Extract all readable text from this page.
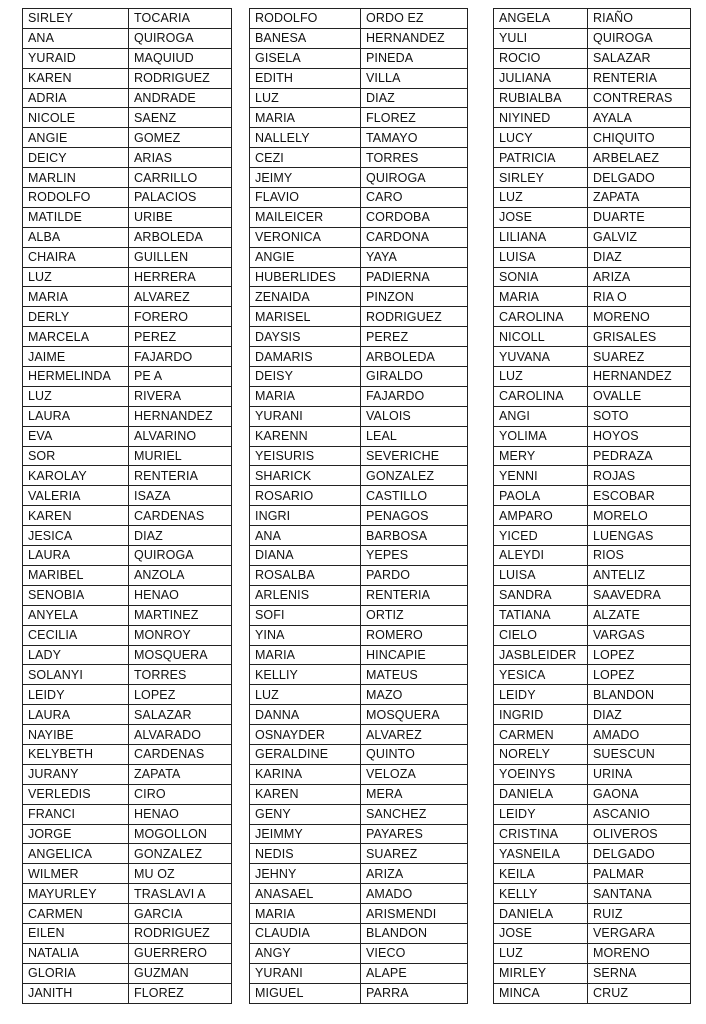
SIRLEY	TOCARIA
ANA	QUIROGA
YURAID	MAQUIUD
KAREN	RODRIGUEZ
ADRIA	ANDRADE
NICOLE	SAENZ
ANGIE	GOMEZ
DEICY	ARIAS
MARLIN	CARRILLO
RODOLFO	PALACIOS
MATILDE	URIBE
ALBA	ARBOLEDA
CHAIRA	GUILLEN
LUZ	HERRERA
MARIA	ALVAREZ
DERLY	FORERO
MARCELA	PEREZ
JAIME	FAJARDO
HERMELINDA	PE A
LUZ	RIVERA
LAURA	HERNANDEZ
EVA	ALVARINO
SOR	MURIEL
KAROLAY	RENTERIA
VALERIA	ISAZA
KAREN	CARDENAS
JESICA	DIAZ
LAURA	QUIROGA
MARIBEL	ANZOLA
SENOBIA	HENAO
ANYELA	MARTINEZ
CECILIA	MONROY
LADY	MOSQUERA
SOLANYI	TORRES
LEIDY	LOPEZ
LAURA	SALAZAR
NAYIBE	ALVARADO
KELYBETH	CARDENAS
JURANY	ZAPATA
VERLEDIS	CIRO
FRANCI	HENAO
JORGE	MOGOLLON
ANGELICA	GONZALEZ
WILMER	MU OZ
MAYURLEY	TRASLAVI A
CARMEN	GARCIA
EILEN	RODRIGUEZ
NATALIA	GUERRERO
GLORIA	GUZMAN
JANITH	FLOREZ
RODOLFO	ORDO EZ
BANESA	HERNANDEZ
GISELA	PINEDA
EDITH	VILLA
LUZ	DIAZ
MARIA	FLOREZ
NALLELY	TAMAYO
CEZI	TORRES
JEIMY	QUIROGA
FLAVIO	CARO
MAILEICER	CORDOBA
VERONICA	CARDONA
ANGIE	YAYA
HUBERLIDES	PADIERNA
ZENAIDA	PINZON
MARISEL	RODRIGUEZ
DAYSIS	PEREZ
DAMARIS	ARBOLEDA
DEISY	GIRALDO
MARIA	FAJARDO
YURANI	VALOIS
KARENN	LEAL
YEISURIS	SEVERICHE
SHARICK	GONZALEZ
ROSARIO	CASTILLO
INGRI	PENAGOS
ANA	BARBOSA
DIANA	YEPES
ROSALBA	PARDO
ARLENIS	RENTERIA
SOFI	ORTIZ
YINA	ROMERO
MARIA	HINCAPIE
KELLIY	MATEUS
LUZ	MAZO
DANNA	MOSQUERA
OSNAYDER	ALVAREZ
GERALDINE	QUINTO
KARINA	VELOZA
KAREN	MERA
GENY	SANCHEZ
JEIMMY	PAYARES
NEDIS	SUAREZ
JEHNY	ARIZA
ANASAEL	AMADO
MARIA	ARISMENDI
CLAUDIA	BLANDON
ANGY	VIECO
YURANI	ALAPE
MIGUEL	PARRA
ANGELA	RIAÑO
YULI	QUIROGA
ROCIO	SALAZAR
JULIANA	RENTERIA
RUBIALBA	CONTRERAS
NIYINED	AYALA
LUCY	CHIQUITO
PATRICIA	ARBELAEZ
SIRLEY	DELGADO
LUZ	ZAPATA
JOSE	DUARTE
LILIANA	GALVIZ
LUISA	DIAZ
SONIA	ARIZA
MARIA	RIA O
CAROLINA	MORENO
NICOLL	GRISALES
YUVANA	SUAREZ
LUZ	HERNANDEZ
CAROLINA	OVALLE
ANGI	SOTO
YOLIMA	HOYOS
MERY	PEDRAZA
YENNI	ROJAS
PAOLA	ESCOBAR
AMPARO	MORELO
YICED	LUENGAS
ALEYDI	RIOS
LUISA	ANTELIZ
SANDRA	SAAVEDRA
TATIANA	ALZATE
CIELO	VARGAS
JASBLEIDER	LOPEZ
YESICA	LOPEZ
LEIDY	BLANDON
INGRID	DIAZ
CARMEN	AMADO
NORELY	SUESCUN
YOEINYS	URINA
DANIELA	GAONA
LEIDY	ASCANIO
CRISTINA	OLIVEROS
YASNEILA	DELGADO
KEILA	PALMAR
KELLY	SANTANA
DANIELA	RUIZ
JOSE	VERGARA
LUZ	MORENO
MIRLEY	SERNA
MINCA	CRUZ
